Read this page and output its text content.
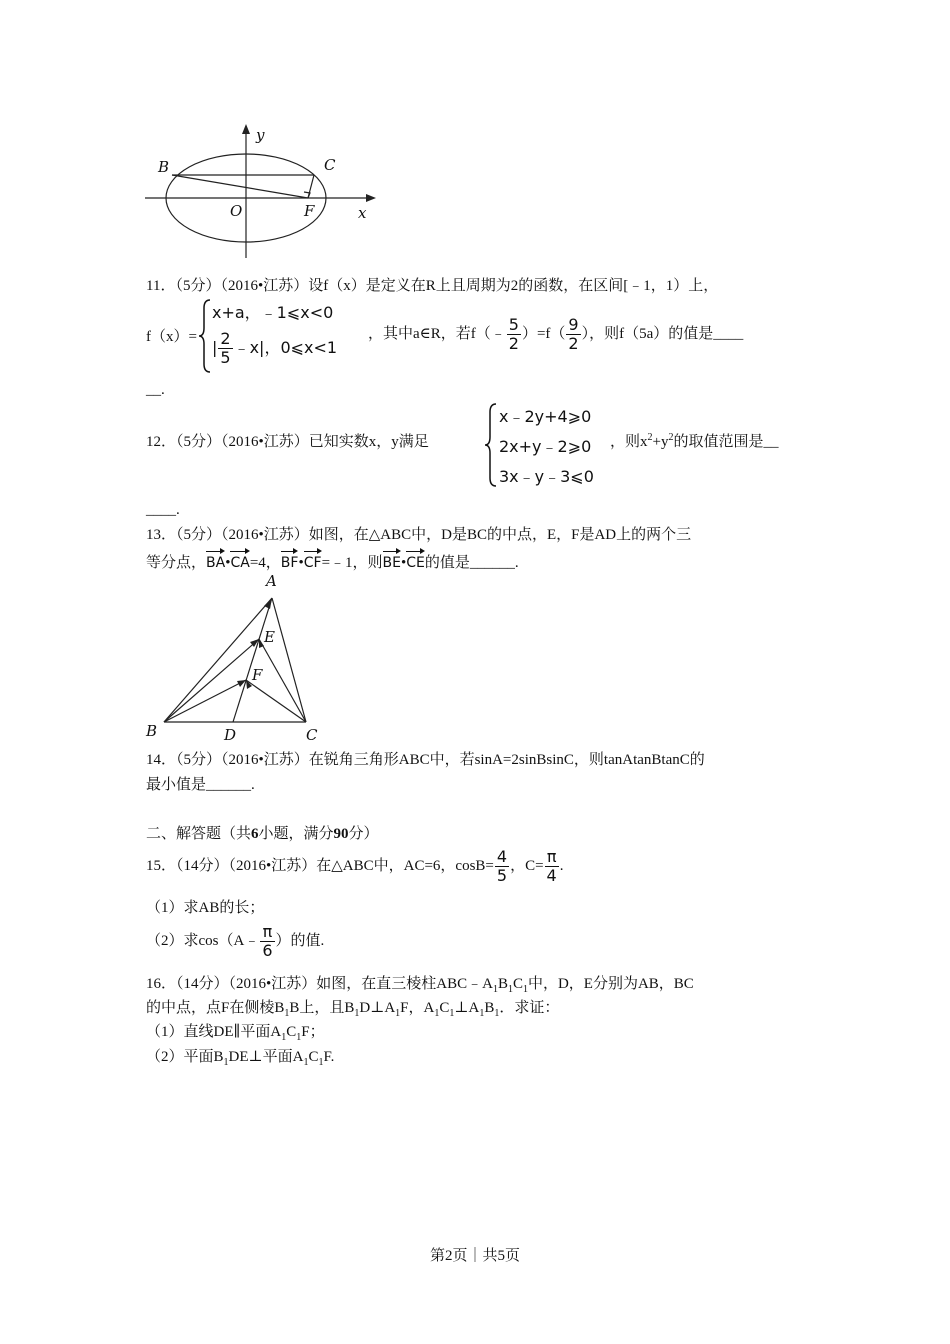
y
x
B	C
O	F
11．（5分）（2016•江苏）设f（x）是定义在R上且周期为2的函数，在区间[﹣1，1）上，
f（x）=
x+a，﹣1⩽x<0
| $\frac{2}{5}$ ﹣x|，0⩽x<1
，其中a∈R，若f（﹣ $\frac{5}{2} )=f( \frac{9}{2}$ ），则f（5a）的值是____
__.
12．（5分）（2016•江苏）已知实数x，y满足
x﹣2y+4⩾0
2x+y﹣2⩾0
3x﹣y﹣3⩽0
，则$x^2+y^2$的取值范围是__
____.
13．（5分）（2016•江苏）如图，在△ABC中，D是BC的中点，E，F是AD上的两个三
等分点，BA•CA=4，BF•CF=﹣1，则BE•CE的值是______.
A
E
F
B	D	C
14．（5分）（2016•江苏）在锐角三角形ABC中，若sinA=2sinBsinC，则tanAtanBtanC的
最小值是______.
二、解答题（共6小题，满分90分）
15．（14分）（2016•江苏）在△ABC中，AC=6，$\cos B= \frac{4}{5}$ ，$C= \frac{\pi}{4}$ .
（1）求AB的长；
（2）求cos（A﹣ $\frac{\pi}{6}$ ）的值.
16．（14分）（2016•江苏）如图，在直三棱柱$ABC﹣A_1B_1C_1$中，D，E分别为AB，BC
的中点，点F在侧棱$B_1B$上，且$B_1D\perp A_1F$，$A_1C_1\perp A_1B_1$．求证：
（1）直线DE∥平面$A_1C_1F$；
（2）平面$B_1DE\perp$平面$A_1C_1F$.
第2页｜共5页
